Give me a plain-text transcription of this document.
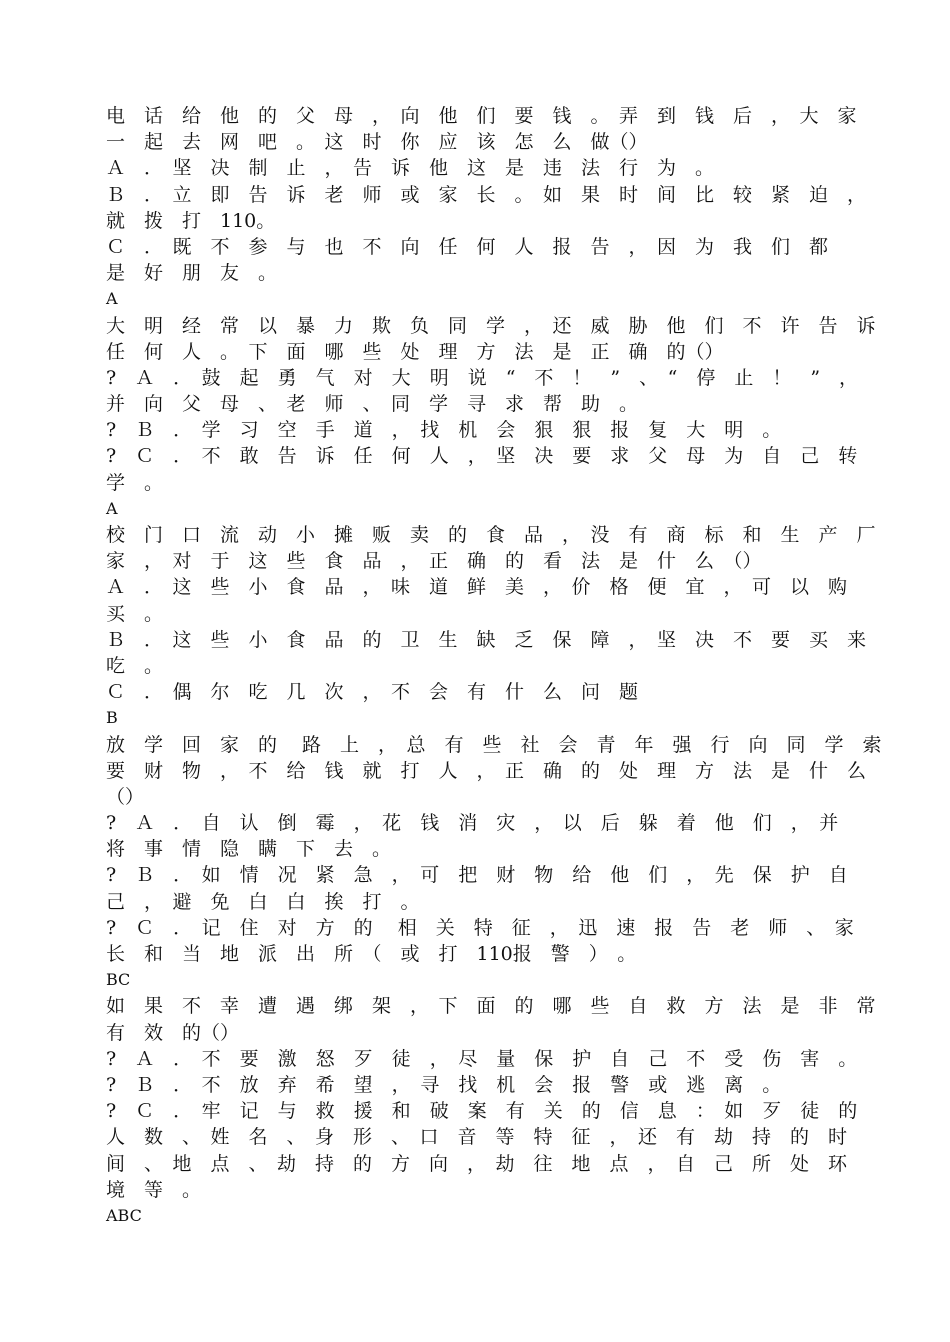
电　话　给　他　的　父　母　，　向　他　们　要　钱　。　弄　到　钱　后　，　大　家
一　起　去　网　吧　。　这　时　你　应　该　怎　么　做（）
Ａ　．　坚　决　制　止　，　告　诉　他　这　是　违　法　行　为　。
Ｂ　．　立　即　告　诉　老　师　或　家　长　。　如　果　时　间　比　较　紧　迫　，
就　拨　打　110。
Ｃ　．　既　不　参　与　也　不　向　任　何　人　报　告　，　因　为　我　们　都
是　好　朋　友　。
A
大　明　经　常　以　暴　力　欺　负　同　学　，　还　威　胁　他　们　不　许　告　诉
任　何　人　。　下　面　哪　些　处　理　方　法　是　正　确　的（）
?　Ａ　．　鼓　起　勇　气　对　大　明　说　“　不　！　”　、　“　停　止　！　”　，
并　向　父　母　、　老　师　、　同　学　寻　求　帮　助　。
?　Ｂ　．　学　习　空　手　道　，　找　机　会　狠　狠　报　复　大　明　。
?　Ｃ　．　不　敢　告　诉　任　何　人　，　坚　决　要　求　父　母　为　自　己　转
学　。
A
校　门　口　流　动　小　摊　贩　卖　的　食　品　，　没　有　商　标　和　生　产　厂
家　，　对　于　这　些　食　品　，　正　确　的　看　法　是　什　么　（）
Ａ　．　这　些　小　食　品　，　味　道　鲜　美　，　价　格　便　宜　，　可　以　购
买　。
Ｂ　．　这　些　小　食　品　的　卫　生　缺　乏　保　障　，　坚　决　不　要　买　来
吃　。
Ｃ　．　偶　尔　吃　几　次　，　不　会　有　什　么　问　题
B
放　学　回　家　的　 路　上　，　总　有　些　社　会　青　年　强　行　向　同　学　索
要　财　物　，　不　给　钱　就　打　人　，　正　确　的　处　理　方　法　是　什　么
（）
?　Ａ　．　自　认　倒　霉　，　花　钱　消　灾　，　以　后　躲　着　他　们　，　并
将　事　情　隐　瞒　下　去　。
?　Ｂ　．　如　情　况　紧　急　，　可　把　财　物　给　他　们　，　先　保　护　自
己　，　避　免　白　白　挨　打　。
?　Ｃ　．　记　住　对　方　的　 相　关　特　征　，　迅　速　报　告　老　师　、　家
长　和　当　地　派　出　所　（　或　打　110报　警　）　。
BC
如　果　不　幸　遭　遇　绑　架　，　下　面　的　哪　些　自　救　方　法　是　非　常
有　效　的（）
?　Ａ　．　不　要　激　怒　歹　徒　，　尽　量　保　护　自　己　不　受　伤　害　。
?　Ｂ　．　不　放　弃　希　望　，　寻　找　机　会　报　警　或　逃　离　。
?　Ｃ　．　牢　记　与　救　援　和　破　案　有　关　的　信　息　：　如　歹　徒　的
人　数　、　姓　名　、　身　形　、　口　音　等　特　征　，　还　有　劫　持　的　时
间　、　地　点　、　劫　持　的　方　向　，　劫　往　地　点　，　自　己　所　处　环
境　等　。
ABC
